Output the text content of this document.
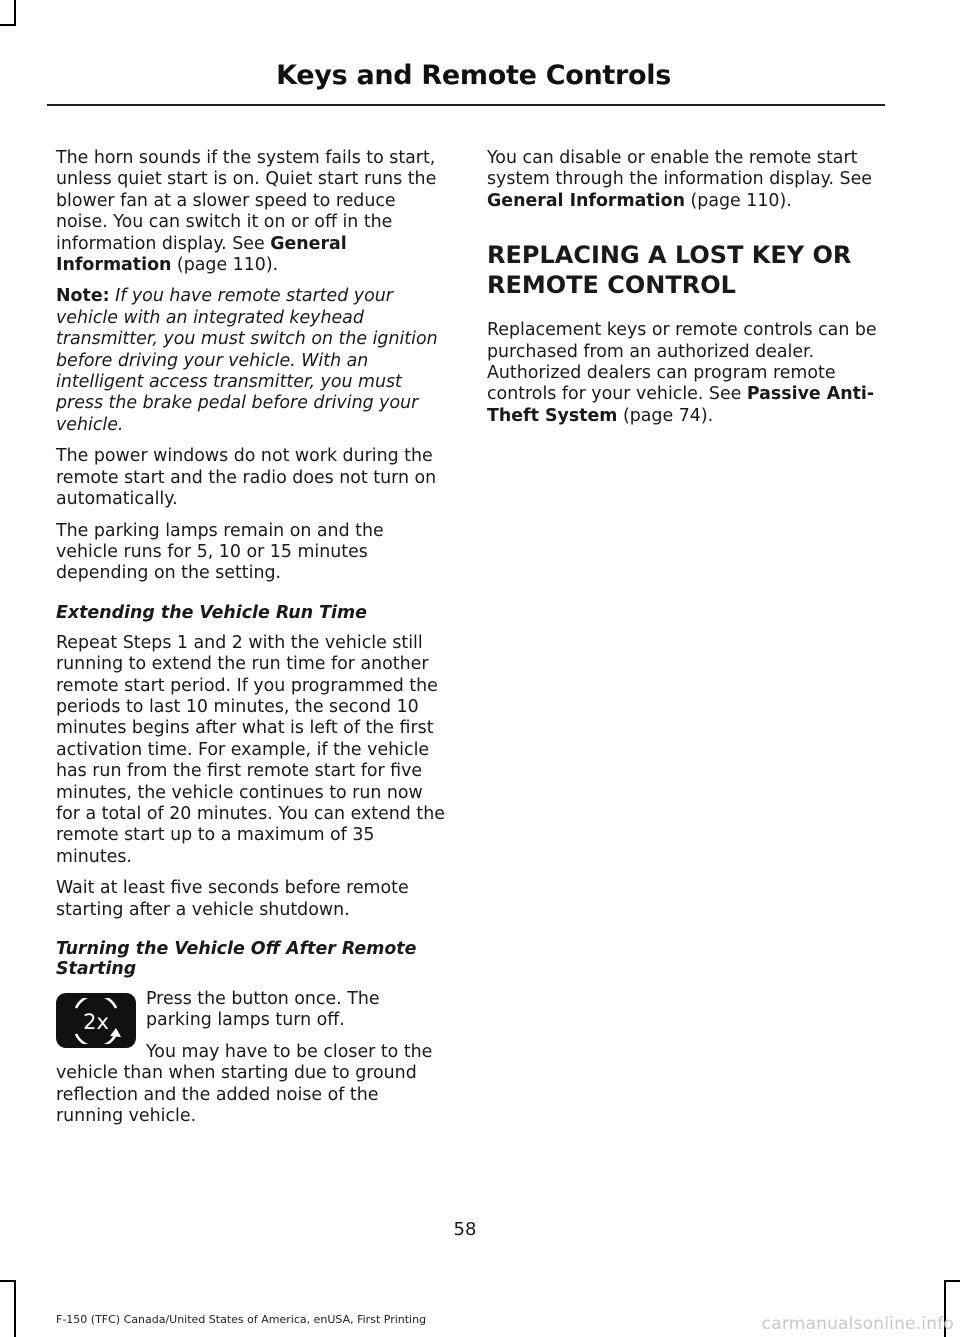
Keys and Remote Controls

The horn sounds if the system fails to start, unless quiet start is on. Quiet start runs the blower fan at a slower speed to reduce noise. You can switch it on or off in the information display. See General Information (page 110).

Note: If you have remote started your vehicle with an integrated keyhead transmitter, you must switch on the ignition before driving your vehicle. With an intelligent access transmitter, you must press the brake pedal before driving your vehicle.

The power windows do not work during the remote start and the radio does not turn on automatically.

The parking lamps remain on and the vehicle runs for 5, 10 or 15 minutes depending on the setting.

Extending the Vehicle Run Time

Repeat Steps 1 and 2 with the vehicle still running to extend the run time for another remote start period. If you programmed the periods to last 10 minutes, the second 10 minutes begins after what is left of the first activation time. For example, if the vehicle has run from the first remote start for five minutes, the vehicle continues to run now for a total of 20 minutes. You can extend the remote start up to a maximum of 35 minutes.

Wait at least five seconds before remote starting after a vehicle shutdown.

Turning the Vehicle Off After Remote Starting
2x

Press the button once. The parking lamps turn off.

You may have to be closer to the vehicle than when starting due to ground reflection and the added noise of the running vehicle.

You can disable or enable the remote start system through the information display. See General Information (page 110).

REPLACING A LOST KEY OR
REMOTE CONTROL

Replacement keys or remote controls can be purchased from an authorized dealer. Authorized dealers can program remote controls for your vehicle. See Passive Anti-Theft System (page 74).

58
F-150 (TFC) Canada/United States of America, enUSA, First Printing	carmanualsonline.info
